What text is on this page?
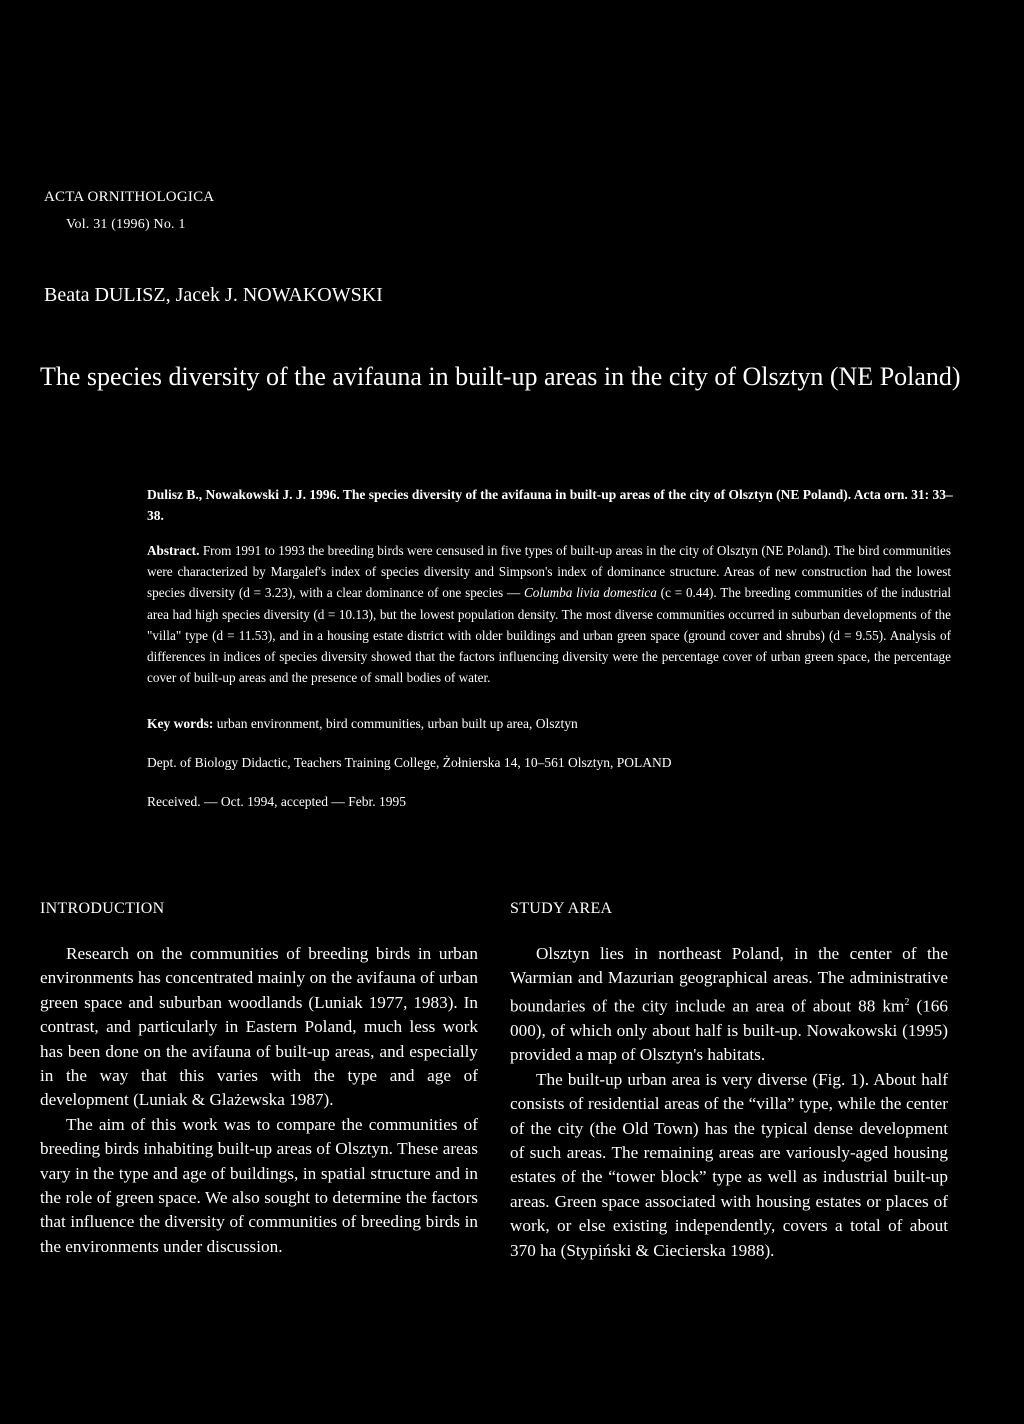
ACTA ORNITHOLOGICA
Vol. 31 (1996) No. 1
Beata DULISZ, Jacek J. NOWAKOWSKI
The species diversity of the avifauna in built-up areas in the city of Olsztyn (NE Poland)
Dulisz B., Nowakowski J. J. 1996. The species diversity of the avifauna in built-up areas of the city of Olsztyn (NE Poland). Acta orn. 31: 33–38.

Abstract. From 1991 to 1993 the breeding birds were censused in five types of built-up areas in the city of Olsztyn (NE Poland). The bird communities were characterized by Margalef's index of species diversity and Simpson's index of dominance structure. Areas of new construction had the lowest species diversity (d = 3.23), with a clear dominance of one species — Columba livia domestica (c = 0.44). The breeding communities of the industrial area had high species diversity (d = 10.13), but the lowest population density. The most diverse communities occurred in suburban developments of the "villa" type (d = 11.53), and in a housing estate district with older buildings and urban green space (ground cover and shrubs) (d = 9.55). Analysis of differences in indices of species diversity showed that the factors influencing diversity were the percentage cover of urban green space, the percentage cover of built-up areas and the presence of small bodies of water.

Key words: urban environment, bird communities, urban built up area, Olsztyn
Dept. of Biology Didactic, Teachers Training College, Żołnierska 14, 10–561 Olsztyn, POLAND
Received. — Oct. 1994, accepted — Febr. 1995
INTRODUCTION	STUDY AREA

Research on the communities of breeding birds in urban environments has concentrated mainly on the avifauna of urban green space and suburban woodlands (Luniak 1977, 1983). In contrast, and particularly in Eastern Poland, much less work has been done on the avifauna of built-up areas, and especially in the way that this varies with the type and age of development (Luniak & Glażewska 1987).

The aim of this work was to compare the communities of breeding birds inhabiting built-up areas of Olsztyn. These areas vary in the type and age of buildings, in spatial structure and in the role of green space. We also sought to determine the factors that influence the diversity of communities of breeding birds in the environments under discussion.

Olsztyn lies in northeast Poland, in the center of the Warmian and Mazurian geographical areas. The administrative boundaries of the city include an area of about 88 $km^2$ (166 000), of which only about half is built-up. Nowakowski (1995) provided a map of Olsztyn's habitats.

The built-up urban area is very diverse (Fig. 1). About half consists of residential areas of the “villa” type, while the center of the city (the Old Town) has the typical dense development of such areas. The remaining areas are variously-aged housing estates of the “tower block” type as well as industrial built-up areas. Green space associated with housing estates or places of work, or else existing independently, covers a total of about 370 ha (Stypiński & Ciecierska 1988).
